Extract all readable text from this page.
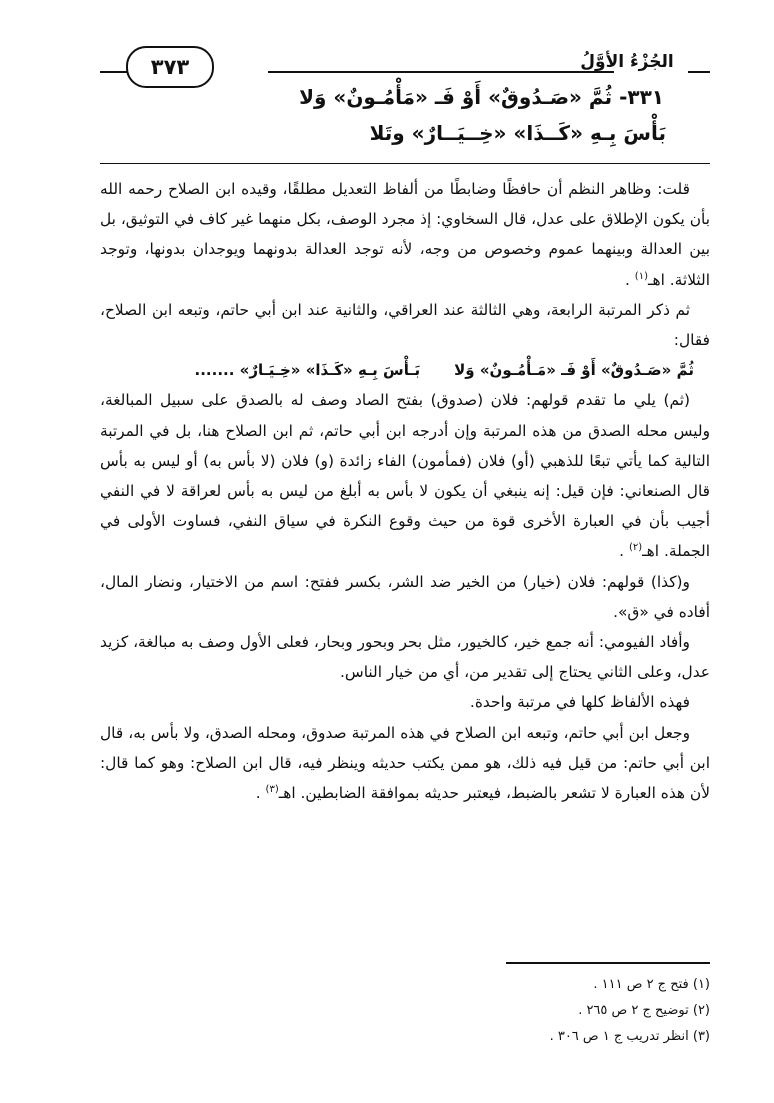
٣٧٣	الجُزْءُ الأوَّلُ
٣٣١- ثُمَّ «صَـدُوقٌ» أَوْ فَـ «مَأْمُـونٌ» وَلا
بَأْسَ بِـهِ «كَــذَا» «خِــيَــارٌ» وتَلا

قلت: وظاهر النظم أن حافظًا وضابطًا من ألفاظ التعديل مطلقًا، وقيده ابن الصلاح رحمه الله بأن يكون الإطلاق على عدل، قال السخاوي: إذ مجرد الوصف، بكل منهما غير كاف في التوثيق، بل بين العدالة وبينهما عموم وخصوص من وجه، لأنه توجد العدالة بدونهما ويوجدان بدونها، وتوجد الثلاثة. اهـ$^{(١)}$ .

ثم ذكر المرتبة الرابعة، وهي الثالثة عند العراقي، والثانية عند ابن أبي حاتم، وتبعه ابن الصلاح، فقال:

ثُمَّ «صَـدُوقٌ» أَوْ فَـ «مَـأْمُـونٌ» وَلابَـأْسَ بِـهِ «كَـذَا» «خِـيَـارٌ» .......

(ثم) يلي ما تقدم قولهم: فلان (صدوق) بفتح الصاد وصف له بالصدق على سبيل المبالغة، وليس محله الصدق من هذه المرتبة وإن أدرجه ابن أبي حاتم، ثم ابن الصلاح هنا، بل في المرتبة التالية كما يأتي تبعًا للذهبي (أو) فلان (فمأمون) الفاء زائدة (و) فلان (لا بأس به) أو ليس به بأس قال الصنعاني: فإن قيل: إنه ينبغي أن يكون لا بأس به أبلغ من ليس به بأس لعراقة لا في النفي أجيب بأن في العبارة الأخرى قوة من حيث وقوع النكرة في سياق النفي، فساوت الأولى في الجملة. اهـ$^{(٢)}$ .

و(كذا) قولهم: فلان (خيار) من الخير ضد الشر، بكسر ففتح: اسم من الاختيار، ونضار المال، أفاده في «ق».

وأفاد الفيومي: أنه جمع خير، كالخيور، مثل بحر وبحور وبحار، فعلى الأول وصف به مبالغة، كزيد عدل، وعلى الثاني يحتاج إلى تقدير من، أي من خيار الناس.

فهذه الألفاظ كلها في مرتبة واحدة.

وجعل ابن أبي حاتم، وتبعه ابن الصلاح في هذه المرتبة صدوق، ومحله الصدق، ولا بأس به، قال ابن أبي حاتم: من قيل فيه ذلك، هو ممن يكتب حديثه وينظر فيه، قال ابن الصلاح: وهو كما قال: لأن هذه العبارة لا تشعر بالضبط، فيعتبر حديثه بموافقة الضابطين. اهـ$^{(٣)}$ .

(١) فتح ج ٢ ص ١١١ .
(٢) توضيح ج ٢ ص ٢٦٥ .
(٣) انظر تدريب ج ١ ص ٣٠٦ .
